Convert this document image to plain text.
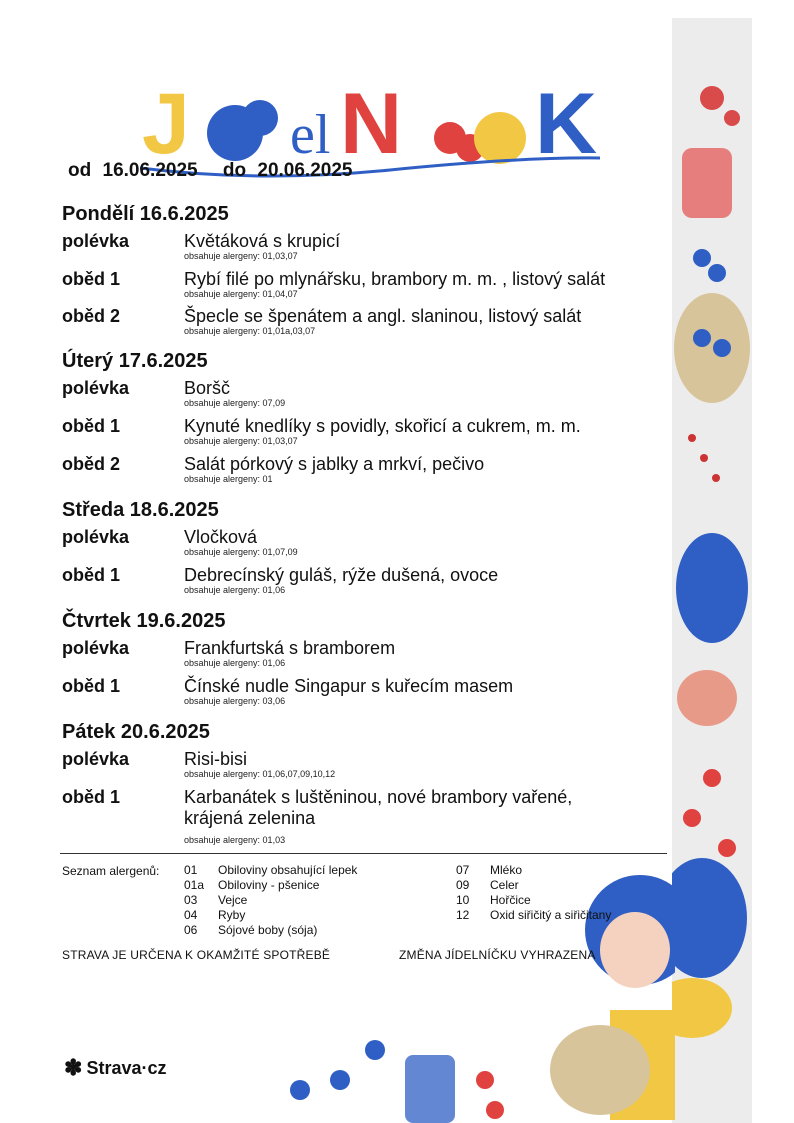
J el N K
od 16.06.2025 do 20.06.2025
Pondělí 16.6.2025
polévka	Květáková s krupicí
obsahuje alergeny: 01,03,07
oběd 1	Rybí filé po mlynářsku, brambory m. m. , listový salát
obsahuje alergeny: 01,04,07
oběd 2	Špecle se špenátem a angl. slaninou, listový salát
obsahuje alergeny: 01,01a,03,07
Úterý 17.6.2025
polévka	Boršč
obsahuje alergeny: 07,09
oběd 1	Kynuté knedlíky s povidly, skořicí a cukrem, m. m.
obsahuje alergeny: 01,03,07
oběd 2	Salát pórkový s jablky a mrkví, pečivo
obsahuje alergeny: 01
Středa 18.6.2025
polévka	Vločková
obsahuje alergeny: 01,07,09
oběd 1	Debrecínský guláš, rýže dušená, ovoce
obsahuje alergeny: 01,06
Čtvrtek 19.6.2025
polévka	Frankfurtská s bramborem
obsahuje alergeny: 01,06
oběd 1	Čínské nudle Singapur s kuřecím masem
obsahuje alergeny: 03,06
Pátek 20.6.2025
polévka	Risi-bisi
obsahuje alergeny: 01,06,07,09,10,12
oběd 1	Karbanátek s luštěninou, nové brambory vařené, krájená zelenina
obsahuje alergeny: 01,03
Seznam alergenů: 01 Obiloviny obsahující lepek
01a Obiloviny - pšenice
03 Vejce
04 Ryby
06 Sójové boby (sója)
07 Mléko
09 Celer
10 Hořčice
12 Oxid siřičitý a siřičitany
STRAVA JE URČENA K OKAMŽITÉ SPOTŘEBĚ	ZMĚNA JÍDELNÍČKU VYHRAZENA
✽ Strava·cz
